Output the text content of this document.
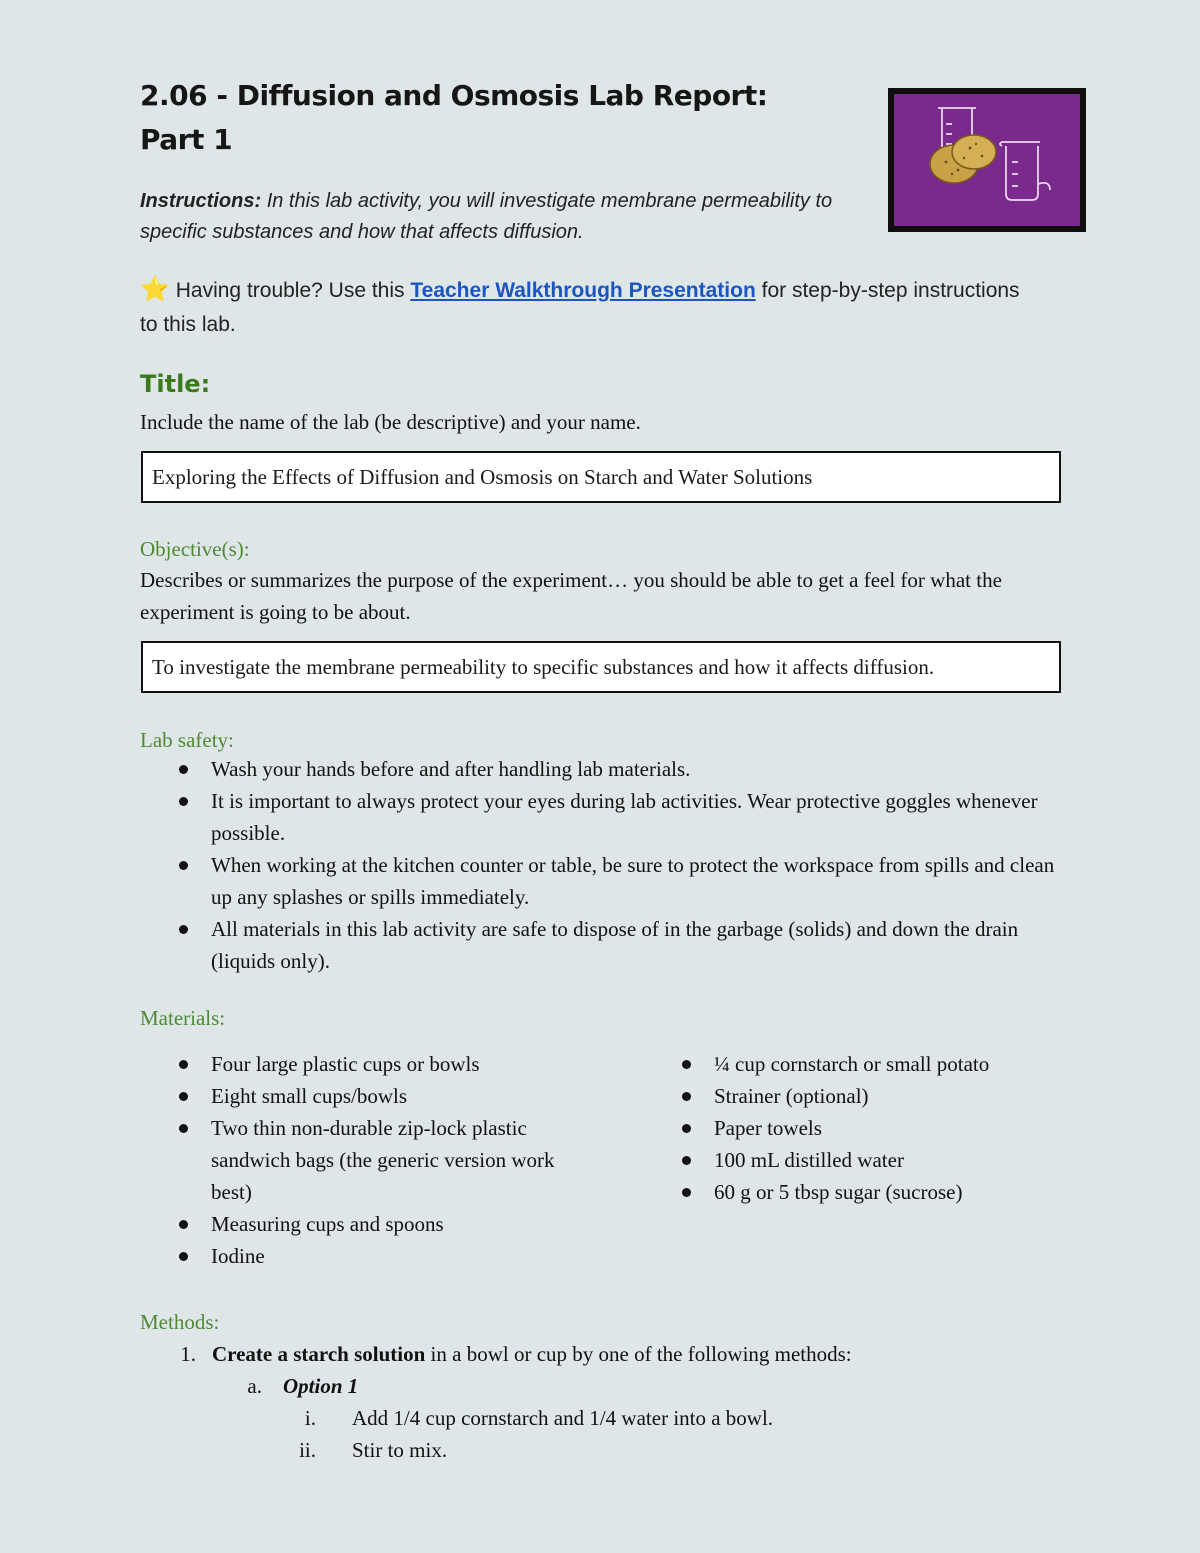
2.06 - Diffusion and Osmosis Lab Report:
Part 1
Instructions: In this lab activity, you will investigate membrane permeability to specific substances and how that affects diffusion.
⭐ Having trouble? Use this Teacher Walkthrough Presentation for step-by-step instructions to this lab.
Title:
Include the name of the lab (be descriptive) and your name.
Exploring the Effects of Diffusion and Osmosis on Starch and Water Solutions
Objective(s):
Describes or summarizes the purpose of the experiment… you should be able to get a feel for what the experiment is going to be about.
To investigate the membrane permeability to specific substances and how it affects diffusion.
Lab safety:
Wash your hands before and after handling lab materials.
It is important to always protect your eyes during lab activities. Wear protective goggles whenever possible.
When working at the kitchen counter or table, be sure to protect the workspace from spills and clean up any splashes or spills immediately.
All materials in this lab activity are safe to dispose of in the garbage (solids) and down the drain (liquids only).
Materials:
Four large plastic cups or bowls
Eight small cups/bowls
Two thin non-durable zip-lock plastic sandwich bags (the generic version work best)
Measuring cups and spoons
Iodine
¼ cup cornstarch or small potato
Strainer (optional)
Paper towels
100 mL distilled water
60 g or 5 tbsp sugar (sucrose)
Methods:
1. Create a starch solution in a bowl or cup by one of the following methods:
a. Option 1
i. Add 1/4 cup cornstarch and 1/4 water into a bowl.
ii. Stir to mix.
